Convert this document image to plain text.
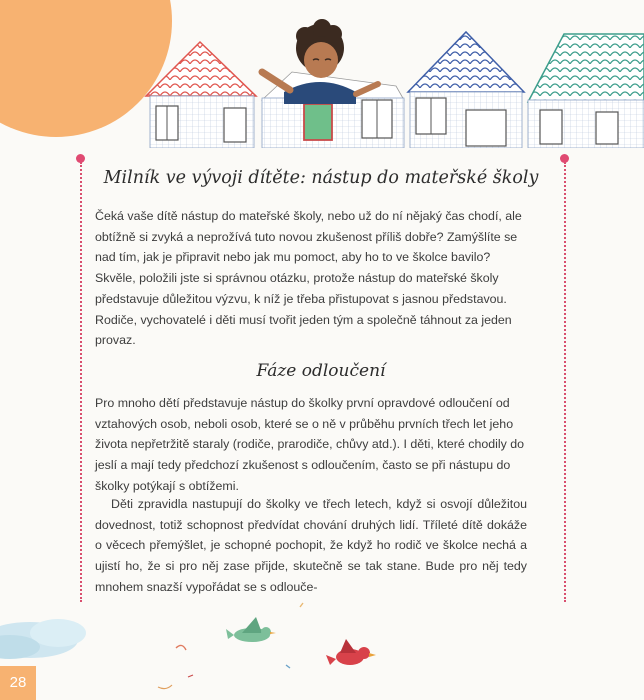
Milník ve vývoji dítěte: nástup do mateřské školy

Čeká vaše dítě nástup do mateřské školy, nebo už do ní nějaký čas chodí, ale obtížně si zvyká a neprožívá tuto novou zkušenost příliš dobře? Zamýšlíte se nad tím, jak je připravit nebo jak mu pomoct, aby ho to ve školce bavilo? Skvěle, položili jste si správnou otázku, protože nástup do mateřské školy představuje důležitou výzvu, k níž je třeba přistupovat s jasnou představou. Rodiče, vychovatelé i děti musí tvořit jeden tým a společně táhnout za jeden provaz.

Fáze odloučení

Pro mnoho dětí představuje nástup do školky první opravdové odloučení od vztahových osob, neboli osob, které se o ně v průběhu prvních třech let jeho života nepřetržitě staraly (rodiče, prarodiče, chůvy atd.). I děti, které chodily do jeslí a mají tedy předchozí zkušenost s odloučením, často se při nástupu do školky potýkají s obtížemi.

Děti zpravidla nastupují do školky ve třech letech, když si osvojí důležitou dovednost, totiž schopnost předvídat chování druhých lidí. Tříleté dítě dokáže o věcech přemýšlet, je schopné pochopit, že když ho rodič ve školce nechá a ujistí ho, že si pro něj zase přijde, skutečně se tak stane. Bude pro něj tedy mnohem snazší vypořádat se s odlouče-

28
